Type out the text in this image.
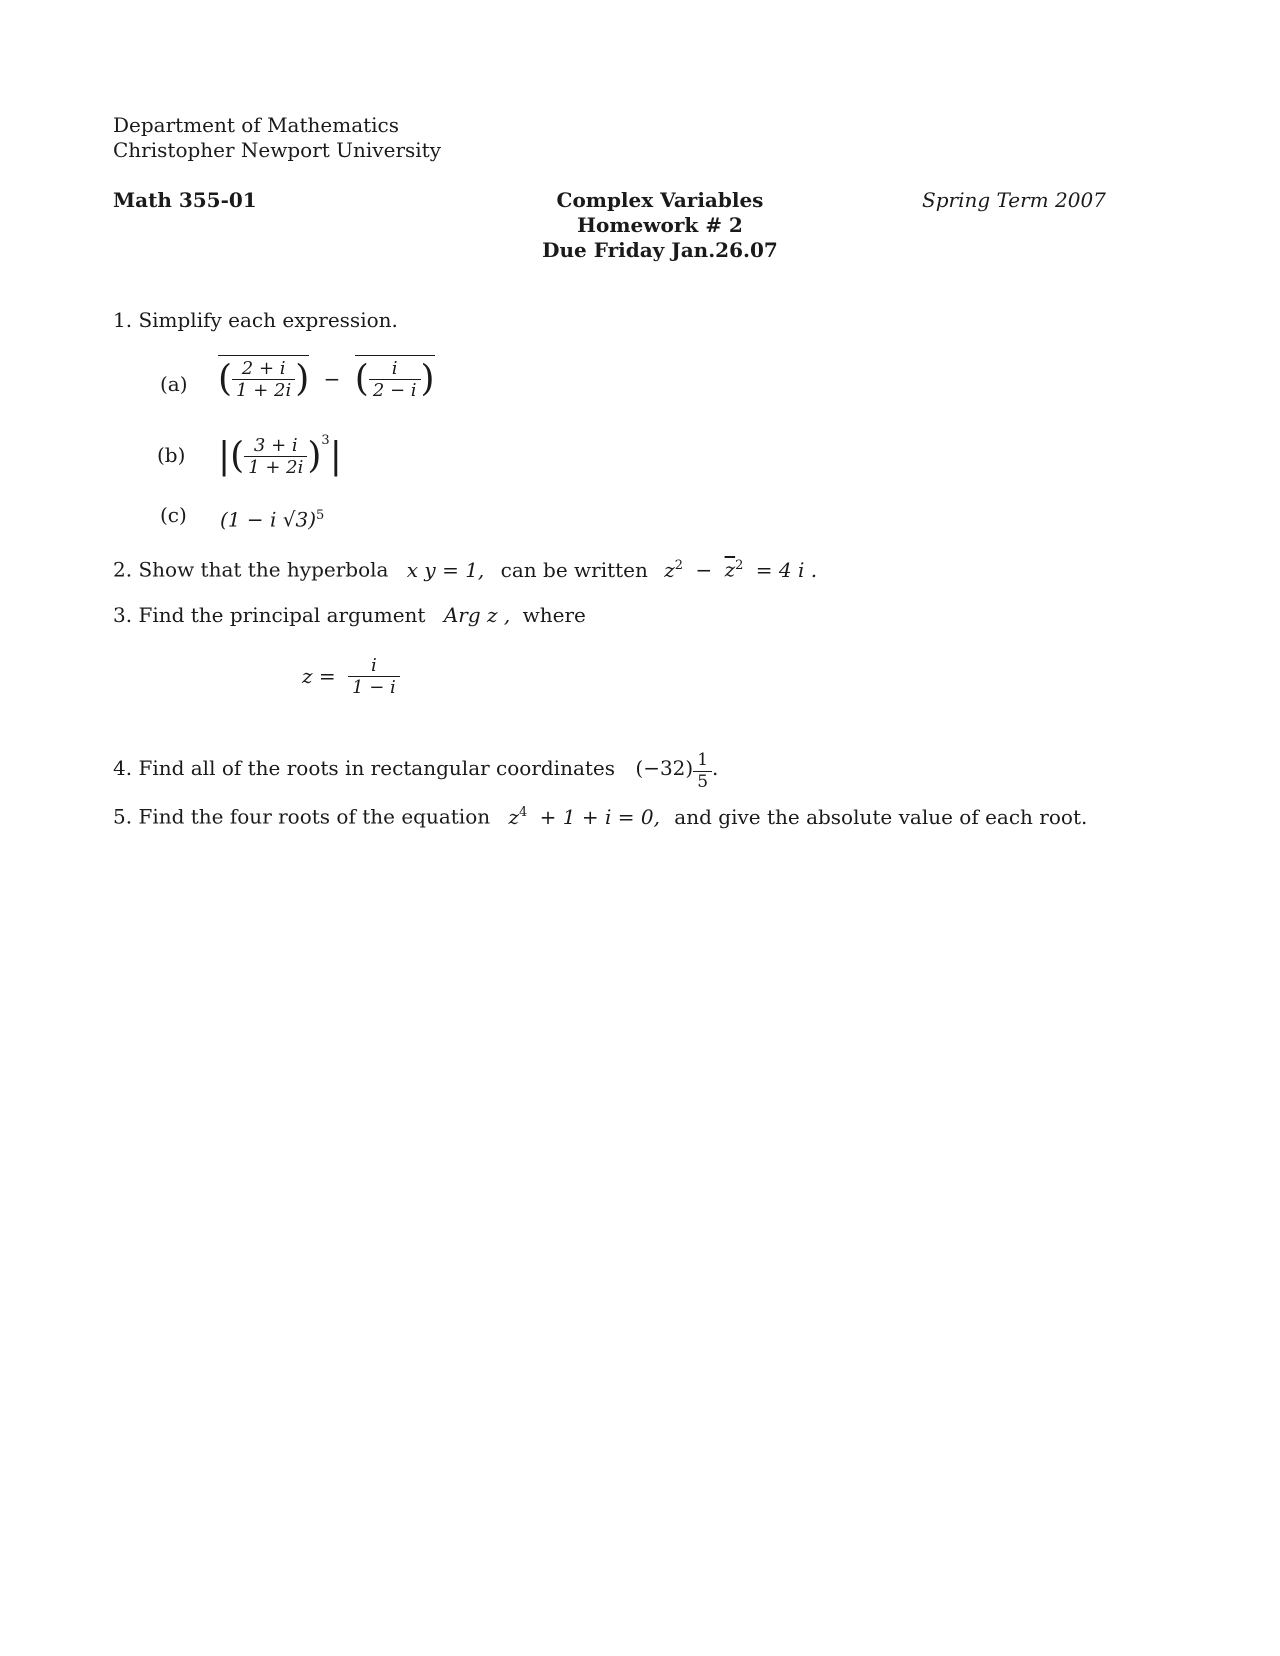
Department of Mathematics
Christopher Newport University
Math 355-01	Complex Variables
Homework # 2
Due Friday Jan.26.07
Spring Term 2007
1. Simplify each expression.
(a) ( $\frac{2 + i}{1 + 2i}$ ) − ( $\frac{i}{2 - i}$ )
(b) |( $\frac{3 + i}{1 + 2i} )^3|$
(c) (1 − i √3)$^5$
2. Show that the hyperbola x y = 1, can be written $z^2 - \overline{z}^2 = 4$ i .
3. Find the principal argument Arg z , where
$z = \frac{i}{1 - i}$
4. Find all of the roots in rectangular coordinates $(-32) \frac{1}{5}$ .
5. Find the four roots of the equation $z^4 + 1 + i = 0$, and give the absolute value of each root.
